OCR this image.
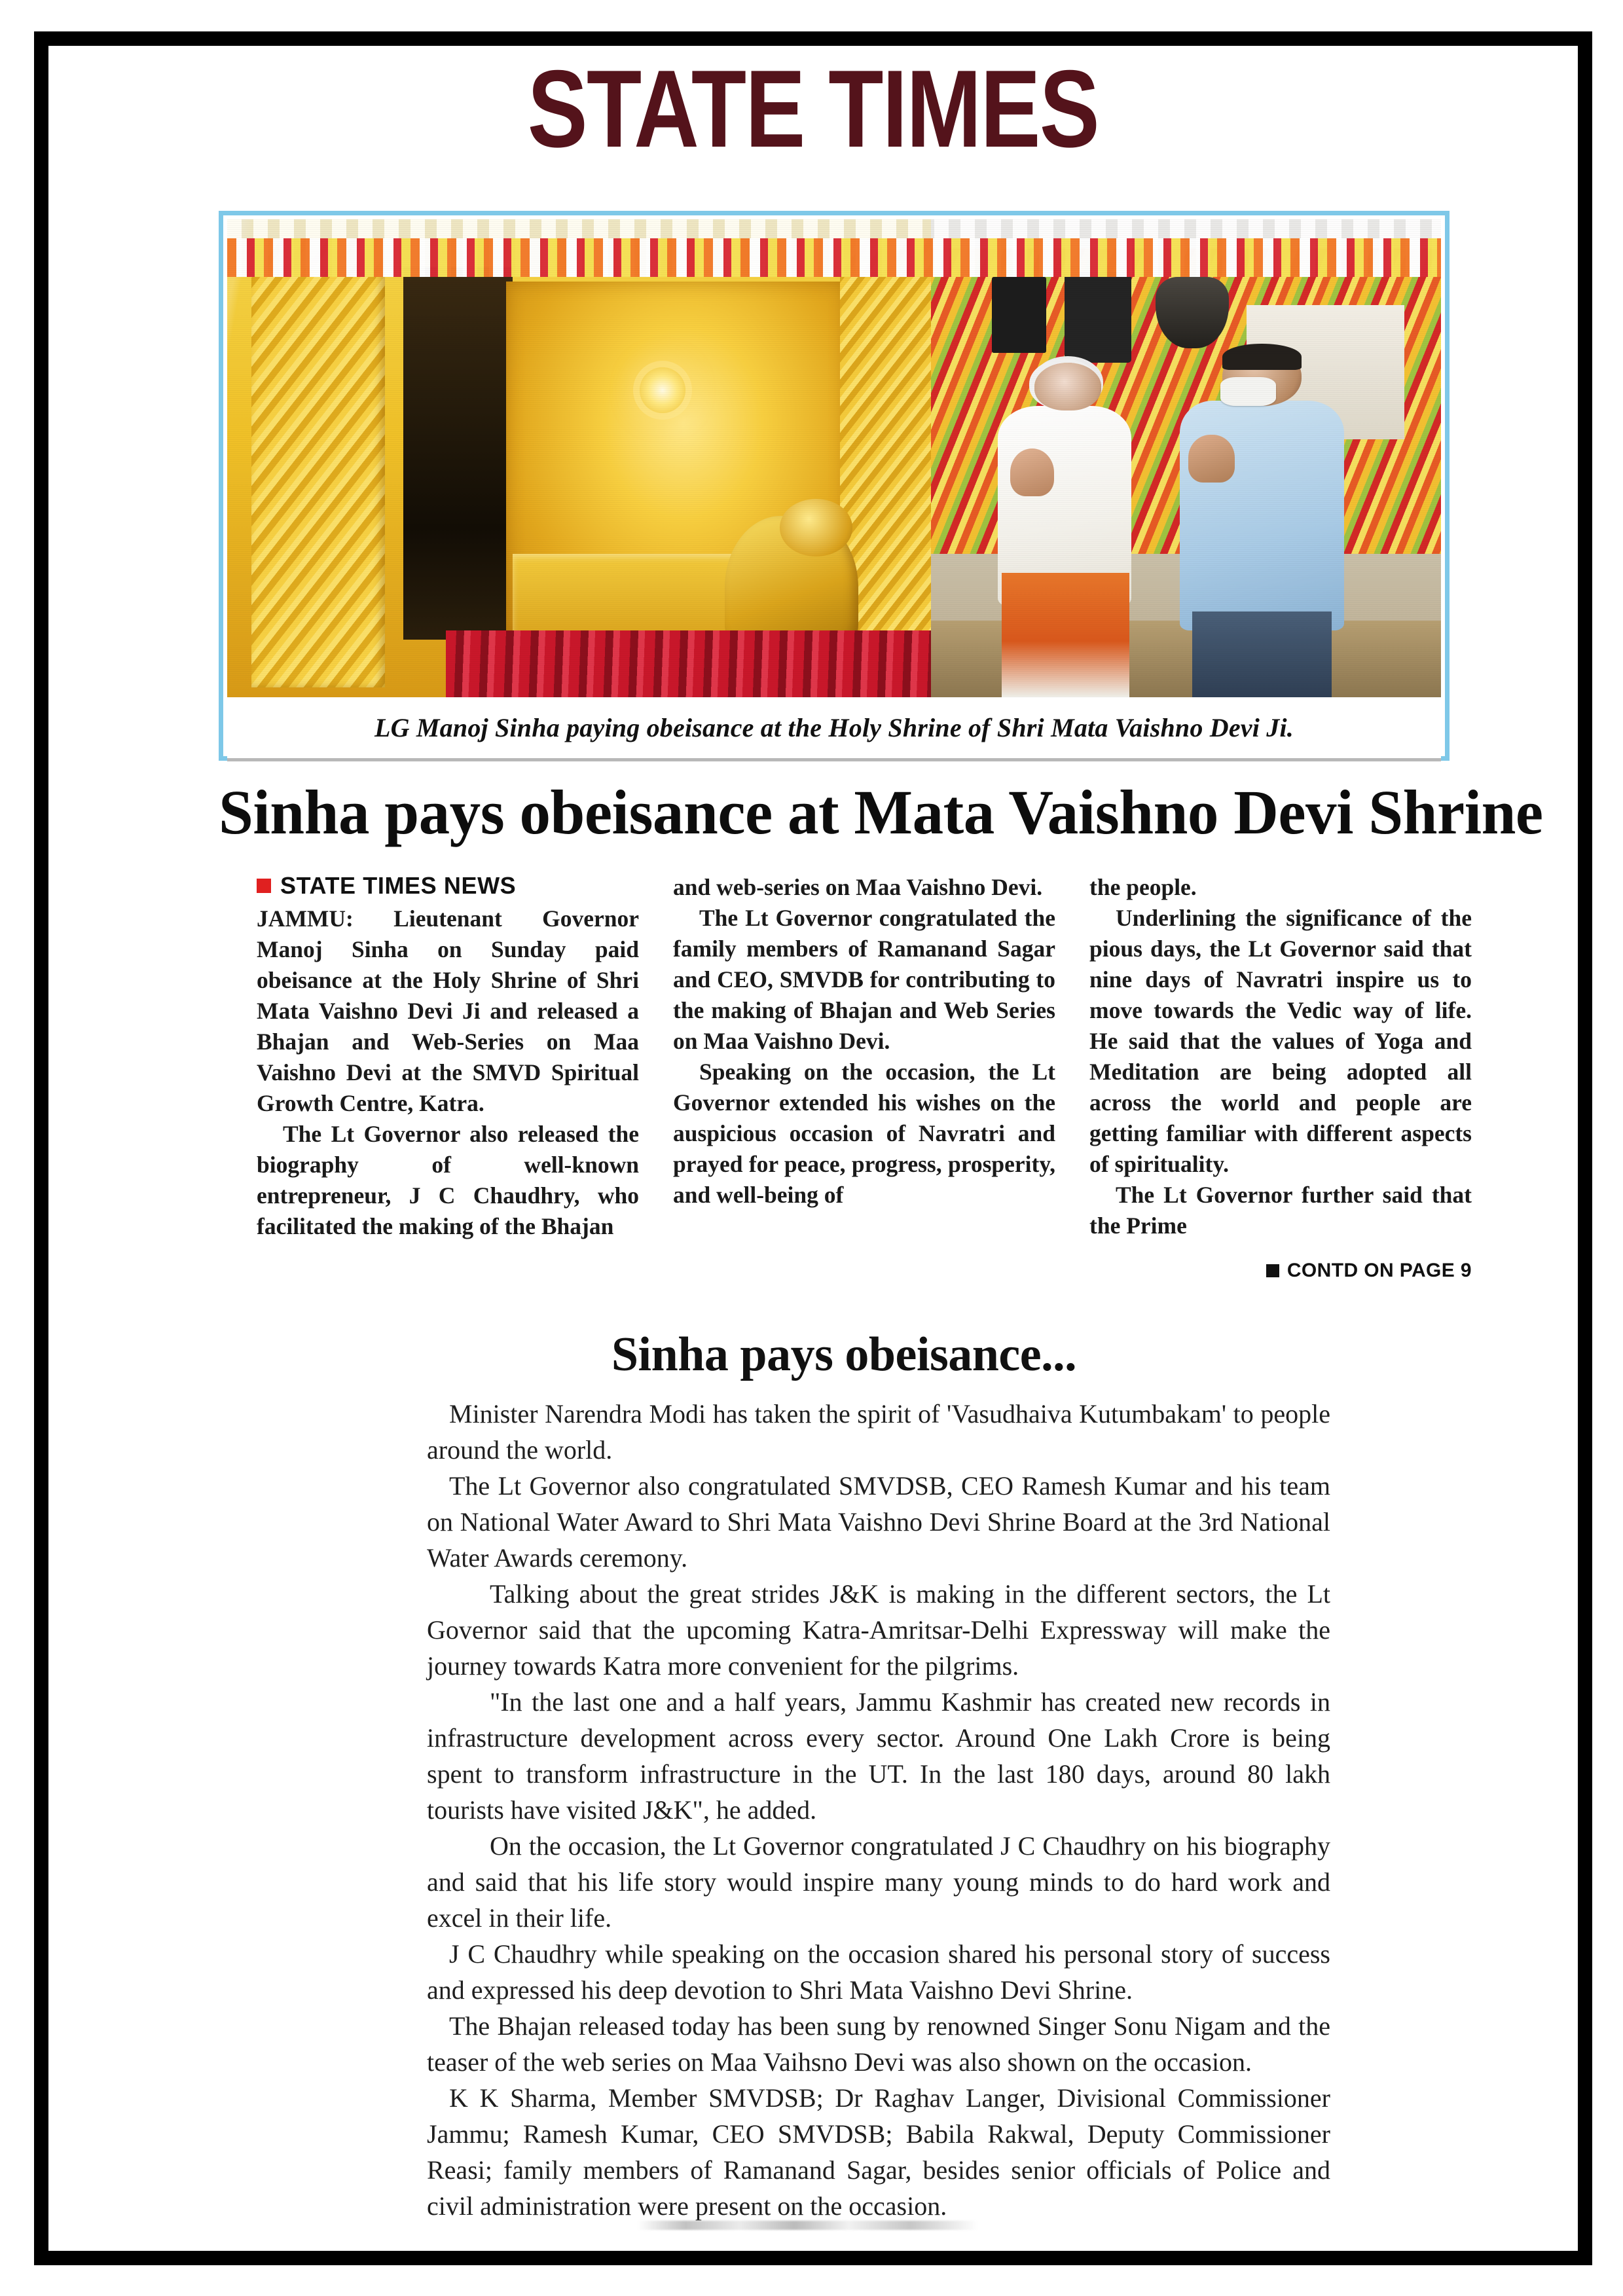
STATE TIMES
LG Manoj Sinha paying obeisance at the Holy Shrine of Shri Mata Vaishno Devi Ji.
Sinha pays obeisance at Mata Vaishno Devi Shrine
STATE TIMES NEWS

JAMMU: Lieutenant Governor Manoj Sinha on Sunday paid obeisance at the Holy Shrine of Shri Mata Vaishno Devi Ji and released a Bhajan and Web-Series on Maa Vaishno Devi at the SMVD Spiritual Growth Centre, Katra.

The Lt Governor also released the biography of well-known entrepreneur, J C Chaudhry, who facilitated the making of the Bhajan

and web-series on Maa Vaishno Devi.

The Lt Governor congratulated the family members of Ramanand Sagar and CEO, SMVDB for contributing to the making of Bhajan and Web Series on Maa Vaishno Devi.

Speaking on the occasion, the Lt Governor extended his wishes on the auspicious occasion of Navratri and prayed for peace, progress, prosperity, and well-being of

the people.

Underlining the significance of the pious days, the Lt Governor said that nine days of Navratri inspire us to move towards the Vedic way of life. He said that the values of Yoga and Meditation are being adopted all across the world and people are getting familiar with different aspects of spirituality.

The Lt Governor further said that the Prime

CONTD ON PAGE 9
Sinha pays obeisance...

Minister Narendra Modi has taken the spirit of 'Vasudhaiva Kutumbakam' to people around the world.

The Lt Governor also congratulated SMVDSB, CEO Ramesh Kumar and his team on National Water Award to Shri Mata Vaishno Devi Shrine Board at the 3rd National Water Awards ceremony.

Talking about the great strides J&K is making in the different sectors, the Lt Governor said that the upcoming Katra-Amritsar-Delhi Expressway will make the journey towards Katra more convenient for the pilgrims.

"In the last one and a half years, Jammu Kashmir has created new records in infrastructure development across every sector. Around One Lakh Crore is being spent to transform infrastructure in the UT. In the last 180 days, around 80 lakh tourists have visited J&K", he added.

On the occasion, the Lt Governor congratulated J C Chaudhry on his biography and said that his life story would inspire many young minds to do hard work and excel in their life.

J C Chaudhry while speaking on the occasion shared his personal story of success and expressed his deep devotion to Shri Mata Vaishno Devi Shrine.

The Bhajan released today has been sung by renowned Singer Sonu Nigam and the teaser of the web series on Maa Vaihsno Devi was also shown on the occasion.

K K Sharma, Member SMVDSB; Dr Raghav Langer, Divisional Commissioner Jammu; Ramesh Kumar, CEO SMVDSB; Babila Rakwal, Deputy Commissioner Reasi; family members of Ramanand Sagar, besides senior officials of Police and civil administration were present on the occasion.
